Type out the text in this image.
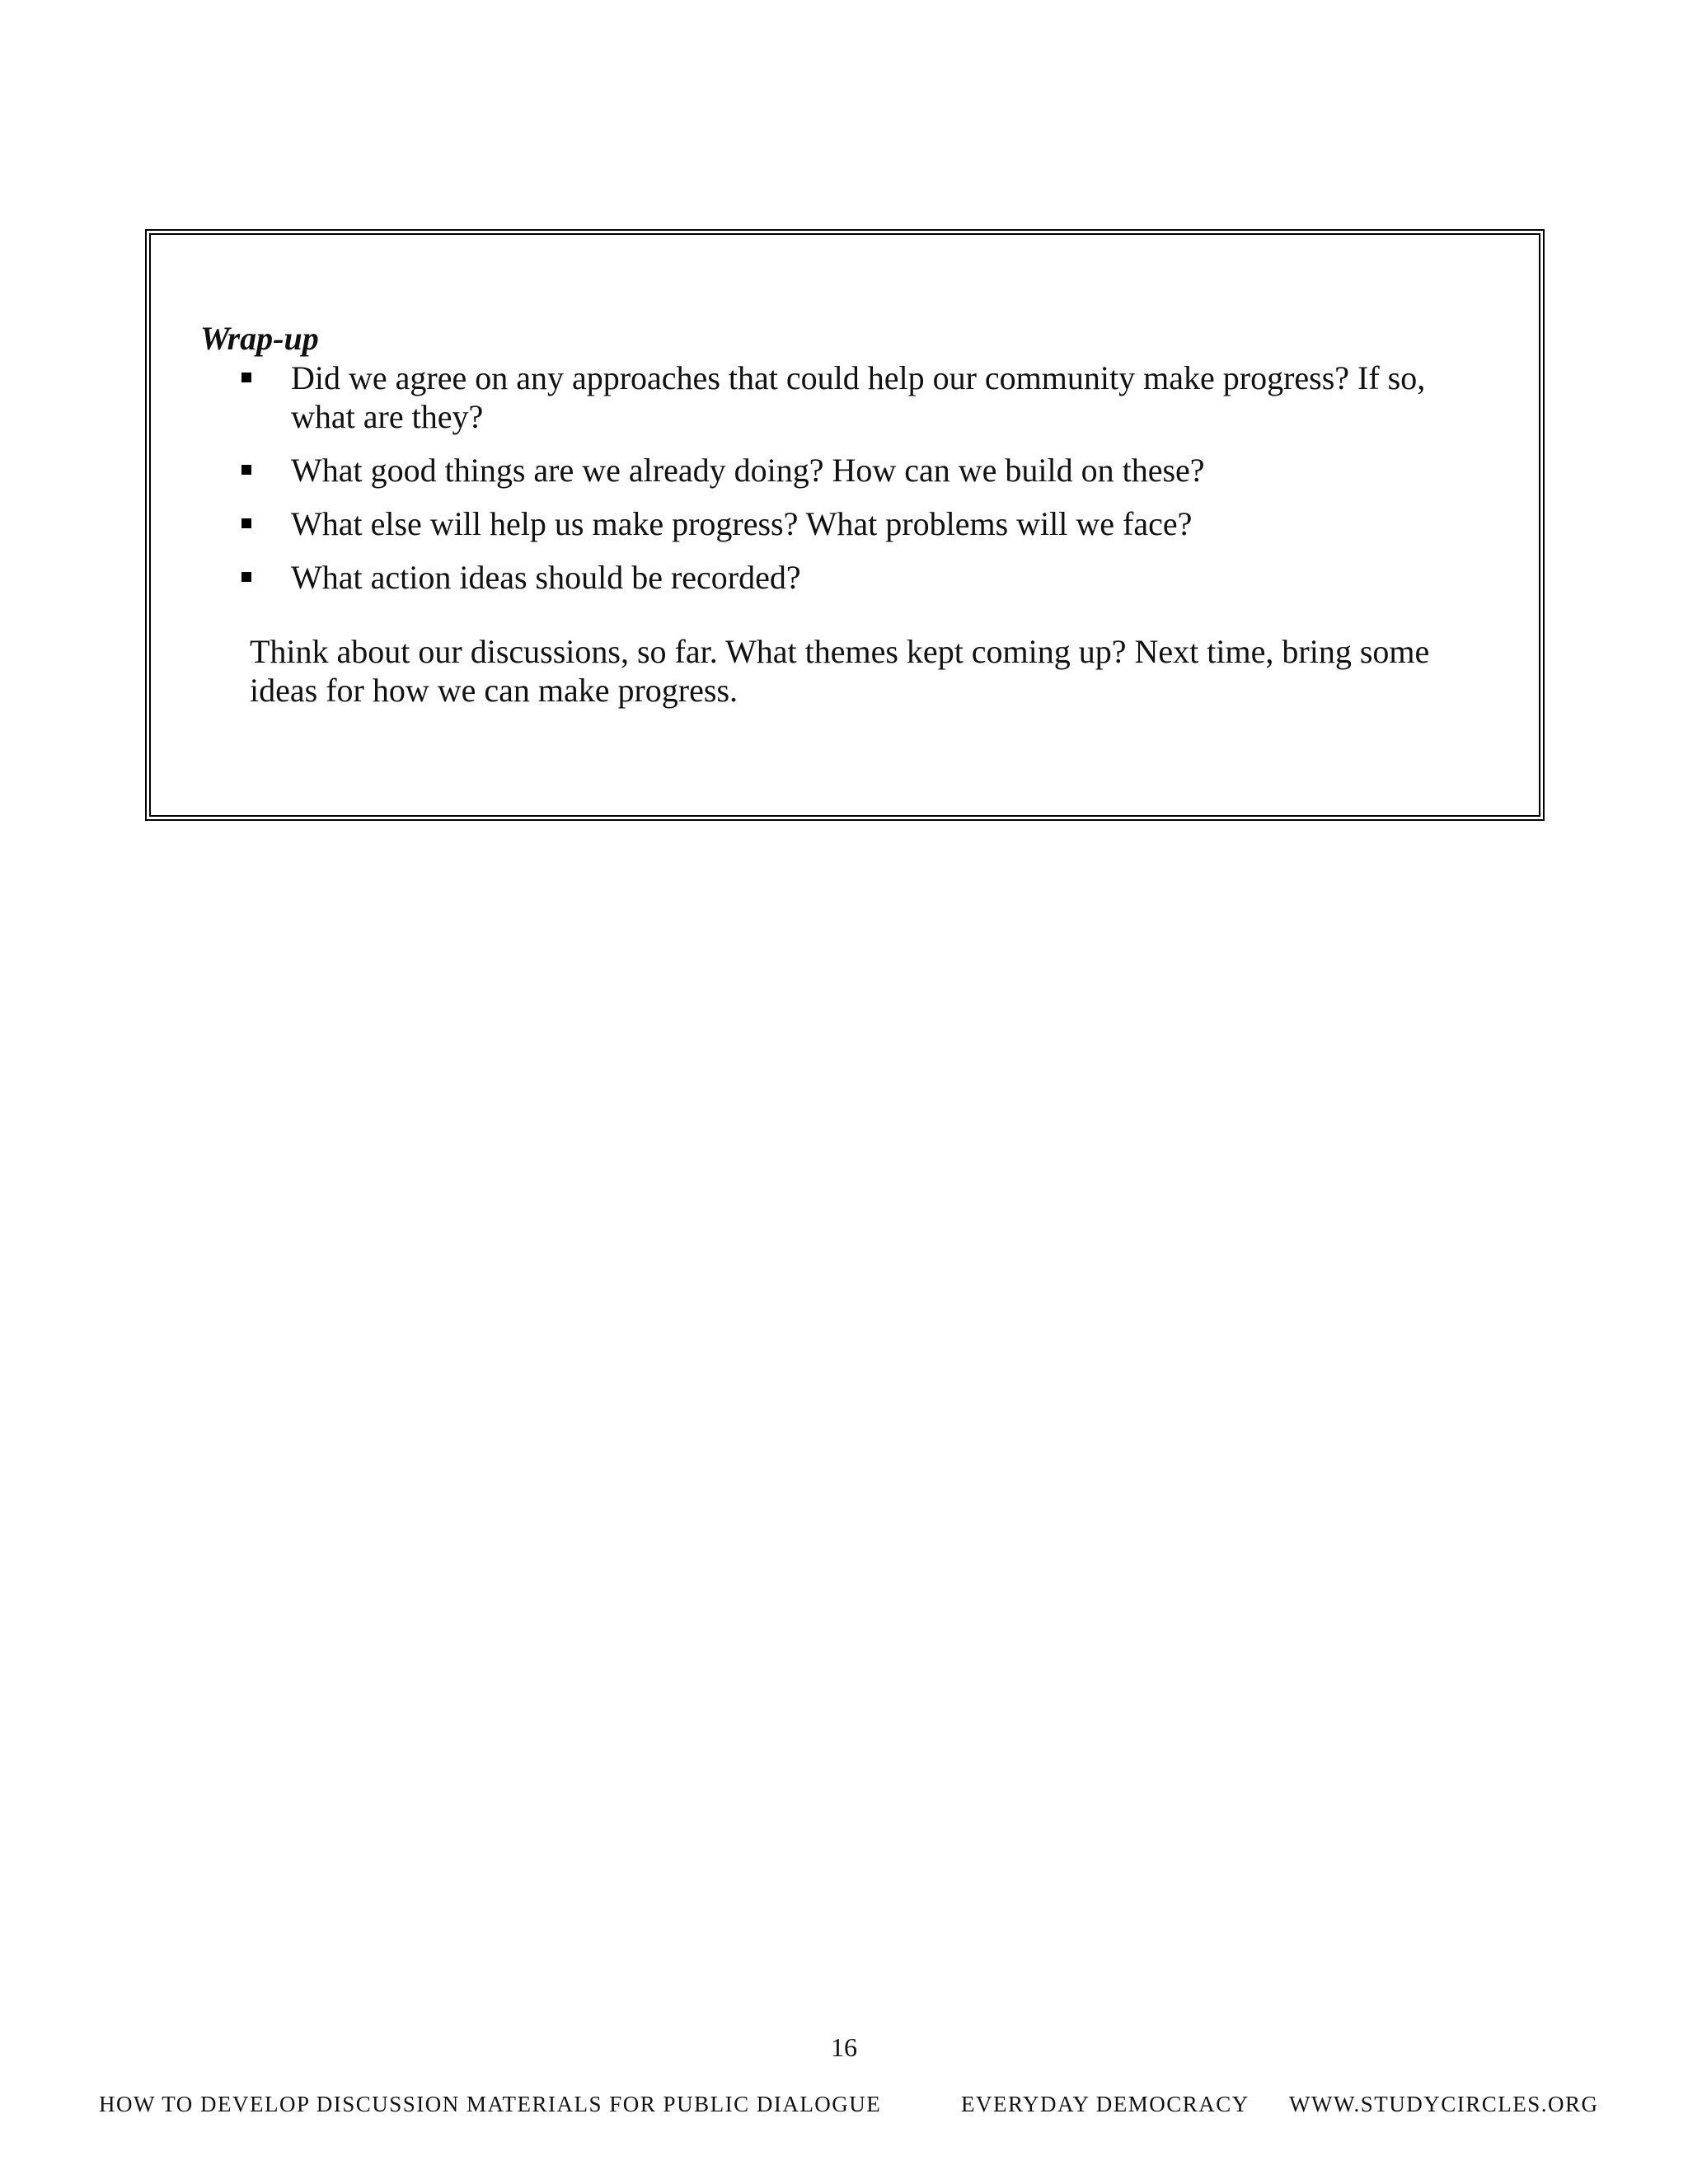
Wrap-up
Did we agree on any approaches that could help our community make progress? If so, what are they?
What good things are we already doing? How can we build on these?
What else will help us make progress? What problems will we face?
What action ideas should be recorded?

Think about our discussions, so far. What themes kept coming up? Next time, bring some ideas for how we can make progress.

16

HOW TO DEVELOP DISCUSSION MATERIALS FOR PUBLIC DIALOGUE	EVERYDAY DEMOCRACY WWW.STUDYCIRCLES.ORG
